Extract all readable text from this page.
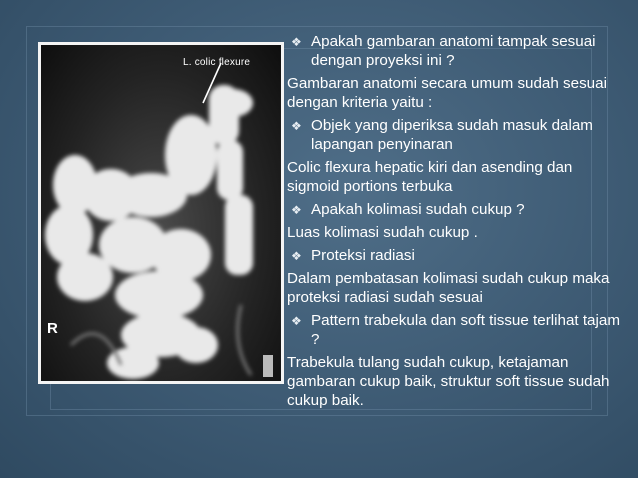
L. colic flexure
R
❖ Apakah gambaran anatomi tampak sesuai dengan proyeksi ini ?
Gambaran anatomi secara umum sudah sesuai dengan kriteria yaitu :
❖ Objek yang diperiksa sudah masuk dalam lapangan penyinaran
Colic flexura hepatic kiri dan asending dan sigmoid portions terbuka
❖ Apakah kolimasi sudah cukup ?
Luas kolimasi sudah cukup .
❖ Proteksi radiasi
Dalam pembatasan kolimasi sudah cukup maka proteksi radiasi sudah sesuai
❖ Pattern trabekula dan soft tissue terlihat tajam ?
Trabekula tulang sudah cukup, ketajaman gambaran cukup baik, struktur soft tissue sudah cukup baik.
